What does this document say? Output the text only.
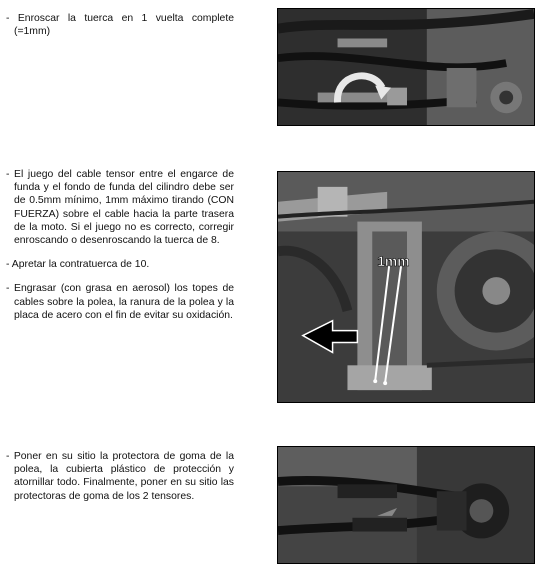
- Enroscar la tuerca en 1 vuelta complete (=1mm)

- El juego del cable tensor entre el engarce de funda y el fondo de funda del cilindro debe ser de 0.5mm mínimo, 1mm máximo tirando (CON FUERZA) sobre el cable hacia la parte trasera de la moto. Si el juego no es correcto, corregir enroscando o desenroscando la tuerca de 8.

- Apretar la contratuerca de 10.

- Engrasar (con grasa en aerosol) los topes de cables sobre la polea, la ranura de la polea y la placa de acero con el fin de evitar su oxidación.

1mm

- Poner en su sitio la protectora de goma de la polea, la cubierta plástico de protección y atornillar todo. Finalmente, poner en su sitio las protectoras de goma de los 2 tensores.
